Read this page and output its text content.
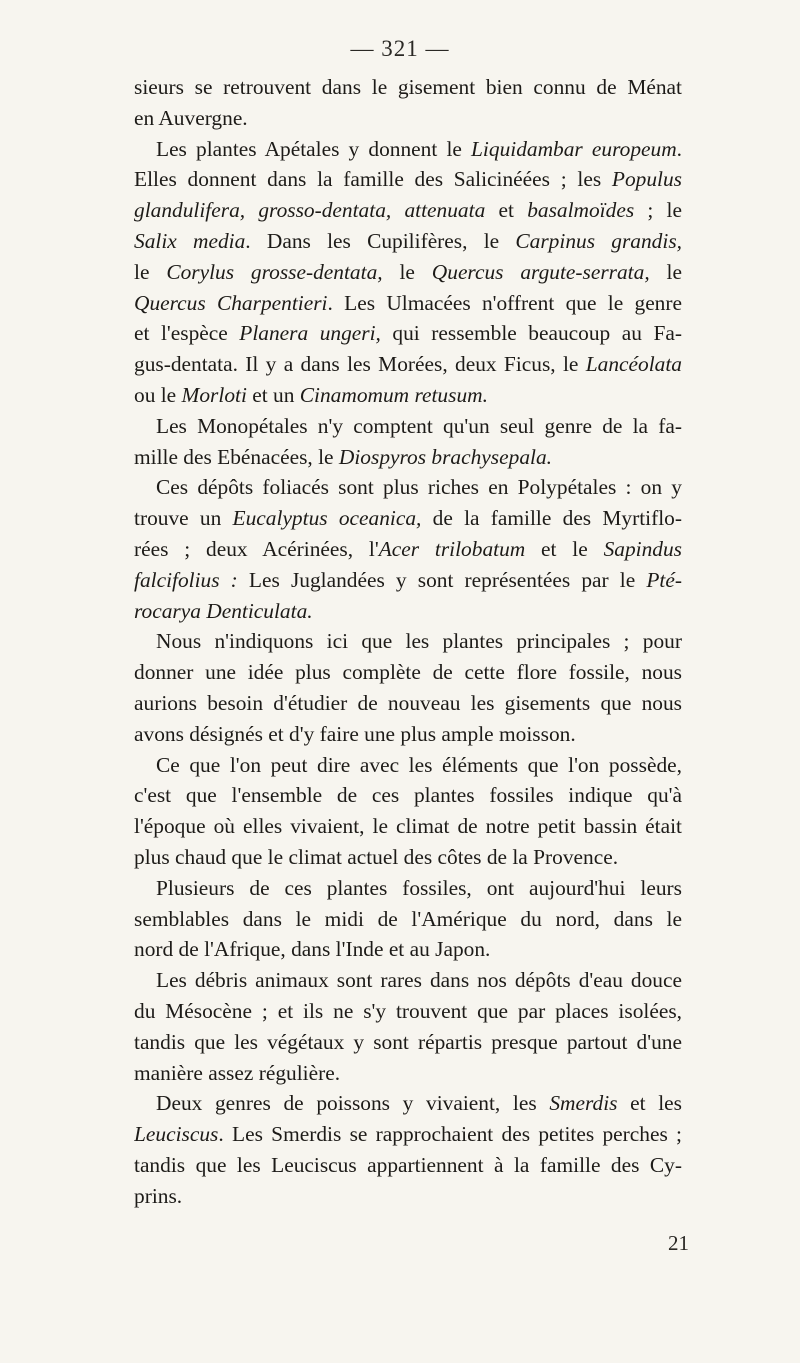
— 321 —
sieurs se retrouvent dans le gisement bien connu de Ménat
en Auvergne.
Les plantes Apétales y donnent le Liquidambar europeum.
Elles donnent dans la famille des Salicinéées ; les Populus
glandulifera, grosso-dentata, attenuata et basalmoïdes ; le
Salix media. Dans les Cupilifères, le Carpinus grandis,
le Corylus grosse-dentata, le Quercus argute-serrata, le
Quercus Charpentieri. Les Ulmacées n'offrent que le genre
et l'espèce Planera ungeri, qui ressemble beaucoup au Fa-
gus-dentata. Il y a dans les Morées, deux Ficus, le Lancéolata
ou le Morloti et un Cinamomum retusum.
Les Monopétales n'y comptent qu'un seul genre de la fa-
mille des Ebénacées, le Diospyros brachysepala.
Ces dépôts foliacés sont plus riches en Polypétales : on y
trouve un Eucalyptus oceanica, de la famille des Myrtiflo-
rées ; deux Acérinées, l'Acer trilobatum et le Sapindus
falcifolius : Les Juglandées y sont représentées par le Pté-
rocarya Denticulata.
Nous n'indiquons ici que les plantes principales ; pour
donner une idée plus complète de cette flore fossile, nous
aurions besoin d'étudier de nouveau les gisements que nous
avons désignés et d'y faire une plus ample moisson.
Ce que l'on peut dire avec les éléments que l'on possède,
c'est que l'ensemble de ces plantes fossiles indique qu'à
l'époque où elles vivaient, le climat de notre petit bassin était
plus chaud que le climat actuel des côtes de la Provence.
Plusieurs de ces plantes fossiles, ont aujourd'hui leurs
semblables dans le midi de l'Amérique du nord, dans le
nord de l'Afrique, dans l'Inde et au Japon.
Les débris animaux sont rares dans nos dépôts d'eau douce
du Mésocène ; et ils ne s'y trouvent que par places isolées,
tandis que les végétaux y sont répartis presque partout d'une
manière assez régulière.
Deux genres de poissons y vivaient, les Smerdis et les
Leuciscus. Les Smerdis se rapprochaient des petites perches ;
tandis que les Leuciscus appartiennent à la famille des Cy-
prins.
21
